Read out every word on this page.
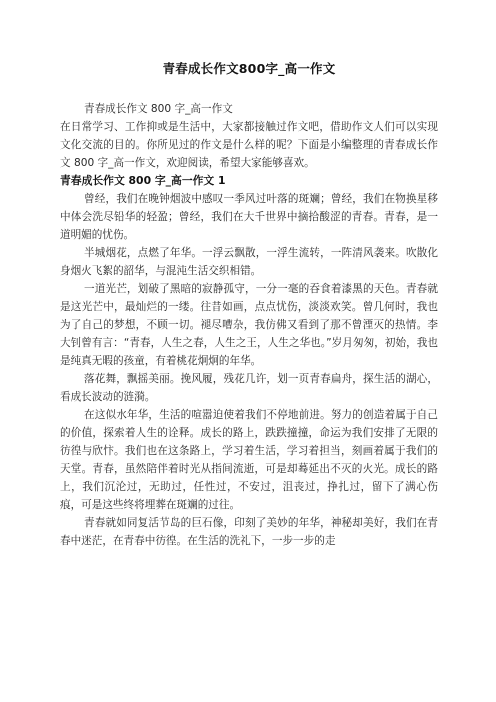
青春成长作文800字_高一作文

青春成长作文 800 字_高一作文

在日常学习、工作抑或是生活中，大家都接触过作文吧，借助作文人们可以实现文化交流的目的。你所见过的作文是什么样的呢？下面是小编整理的青春成长作文 800 字_高一作文，欢迎阅读，希望大家能够喜欢。

青春成长作文 800 字_高一作文 1

曾经，我们在晚钟烟波中感叹一季风过叶落的斑斓；曾经，我们在物换星移中体会洗尽铅华的轻盈；曾经，我们在大千世界中摘拾酸涩的青春。青春，是一道明媚的忧伤。

半城烟花，点燃了年华。一浮云飘散，一浮生流转，一阵清风袭来。吹散化身烟火飞絮的韶华，与混沌生活交织相错。

一道光芒，划破了黑暗的寂静孤守，一分一毫的吞食着漆黑的天色。青春就是这光芒中，最灿烂的一缕。往昔如画，点点忧伤，淡淡欢笑。曾几何时，我也为了自己的梦想，不顾一切。褪尽嘈杂，我仿佛又看到了那不曾湮灭的热情。李大钊曾有言：“青春，人生之春，人生之王，人生之华也。”岁月匆匆，初始，我也是纯真无暇的孩童，有着桃花炯炯的年华。

落花舞，飘摇美丽。挽风履，残花几许，划一页青春扁舟，探生活的湖心，看成长波动的涟漪。

在这似水年华，生活的喧嚣迫使着我们不停地前进。努力的创造着属于自己的价值，探索着人生的诠释。成长的路上，跌跌撞撞，命运为我们安排了无限的彷徨与欣忭。我们也在这条路上，学习着生活，学习着担当，刻画着属于我们的天堂。青春，虽然陪伴着时光从指间流逝，可是却蓦延出不灭的火光。成长的路上，我们沉沦过，无助过，任性过，不安过，沮丧过，挣扎过，留下了满心伤痕，可是这些终将埋葬在斑斓的过往。

青春就如同复活节岛的巨石像，印刻了美妙的年华，神秘却美好，我们在青春中迷茫，在青春中彷徨。在生活的洗礼下，一步一步的走
